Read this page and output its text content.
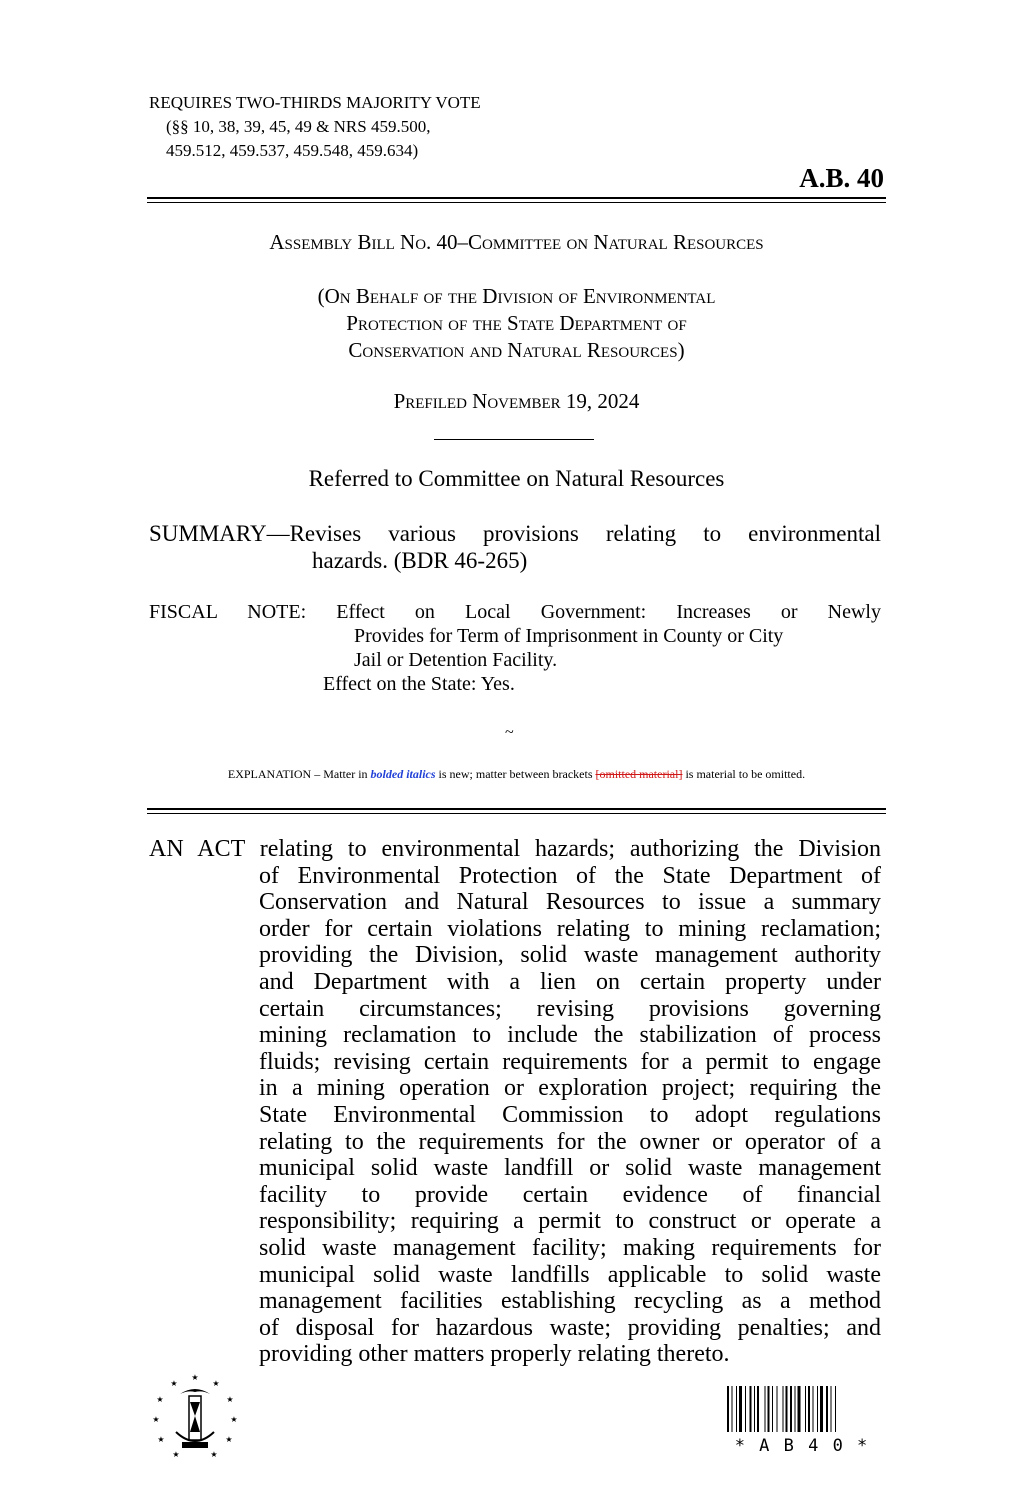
REQUIRES TWO-THIRDS MAJORITY VOTE
(§§ 10, 38, 39, 45, 49 & NRS 459.500,
459.512, 459.537, 459.548, 459.634)
A.B. 40
Assembly Bill No. 40–Committee on Natural Resources
(On Behalf of the Division of Environmental
Protection of the State Department of
Conservation and Natural Resources)
Prefiled November 19, 2024
Referred to Committee on Natural Resources
SUMMARY—Revises various provisions relating to environmental
hazards. (BDR 46-265)
FISCAL NOTE: Effect on Local Government: Increases or Newly
Provides for Term of Imprisonment in County or City
Jail or Detention Facility.
Effect on the State: Yes.
~
EXPLANATION – Matter in bolded italics is new; matter between brackets [omitted material] is material to be omitted.
AN ACT relating to environmental hazards; authorizing the Division
of Environmental Protection of the State Department of
Conservation and Natural Resources to issue a summary
order for certain violations relating to mining reclamation;
providing the Division, solid waste management authority
and Department with a lien on certain property under
certain circumstances; revising provisions governing
mining reclamation to include the stabilization of process
fluids; revising certain requirements for a permit to engage
in a mining operation or exploration project; requiring the
State Environmental Commission to adopt regulations
relating to the requirements for the owner or operator of a
municipal solid waste landfill or solid waste management
facility to provide certain evidence of financial
responsibility; requiring a permit to construct or operate a
solid waste management facility; making requirements for
municipal solid waste landfills applicable to solid waste
management facilities establishing recycling as a method
of disposal for hazardous waste; providing penalties; and
providing other matters properly relating thereto.
★
★
★
★
★
★
★
★
★
★
★	* A B 4 0 *
